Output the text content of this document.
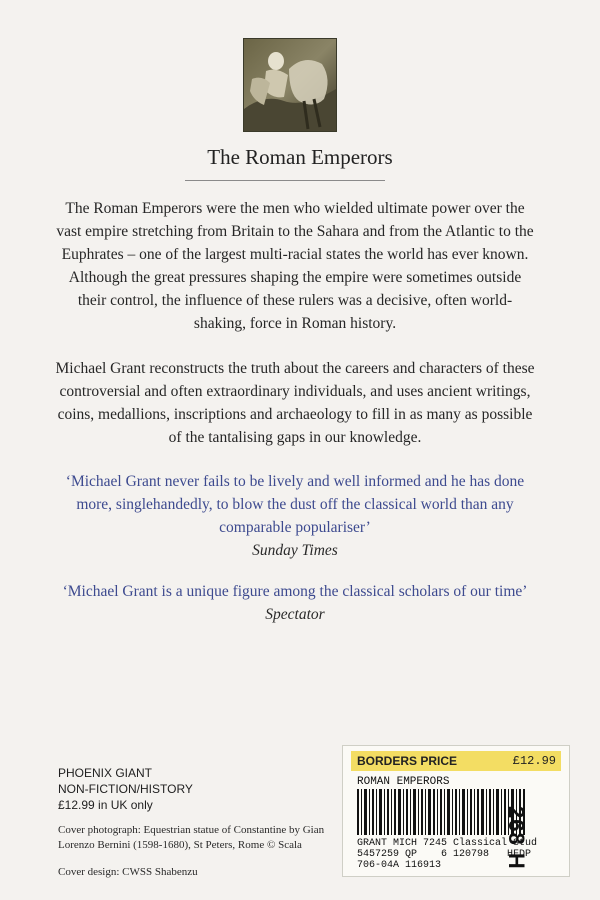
The Roman Emperors
The Roman Emperors were the men who wielded ultimate power over the vast empire stretching from Britain to the Sahara and from the Atlantic to the Euphrates – one of the largest multi-racial states the world has ever known. Although the great pressures shaping the empire were sometimes outside their control, the influence of these rulers was a decisive, often world-shaking, force in Roman history.
Michael Grant reconstructs the truth about the careers and characters of these controversial and often extraordinary individuals, and uses ancient writings, coins, medallions, inscriptions and archaeology to fill in as many as possible of the tantalising gaps in our knowledge.
‘Michael Grant never fails to be lively and well informed and he has done more, singlehandedly, to blow the dust off the classical world than any comparable populariser’
Sunday Times
‘Michael Grant is a unique figure among the classical scholars of our time’
Spectator
PHOENIX GIANT
NON-FICTION/HISTORY
£12.99 in UK only
Cover photograph: Equestrian statue of Constantine by Gian Lorenzo Bernini (1598-1680), St Peters, Rome © Scala
Cover design: CWSS Shabenzu
BORDERS PRICE	£12.99
ROMAN EMPERORS
268 H
GRANT MICH 7245 Classical Stud
5457259 QP    6 120798   HFDP
706-04A 116913
